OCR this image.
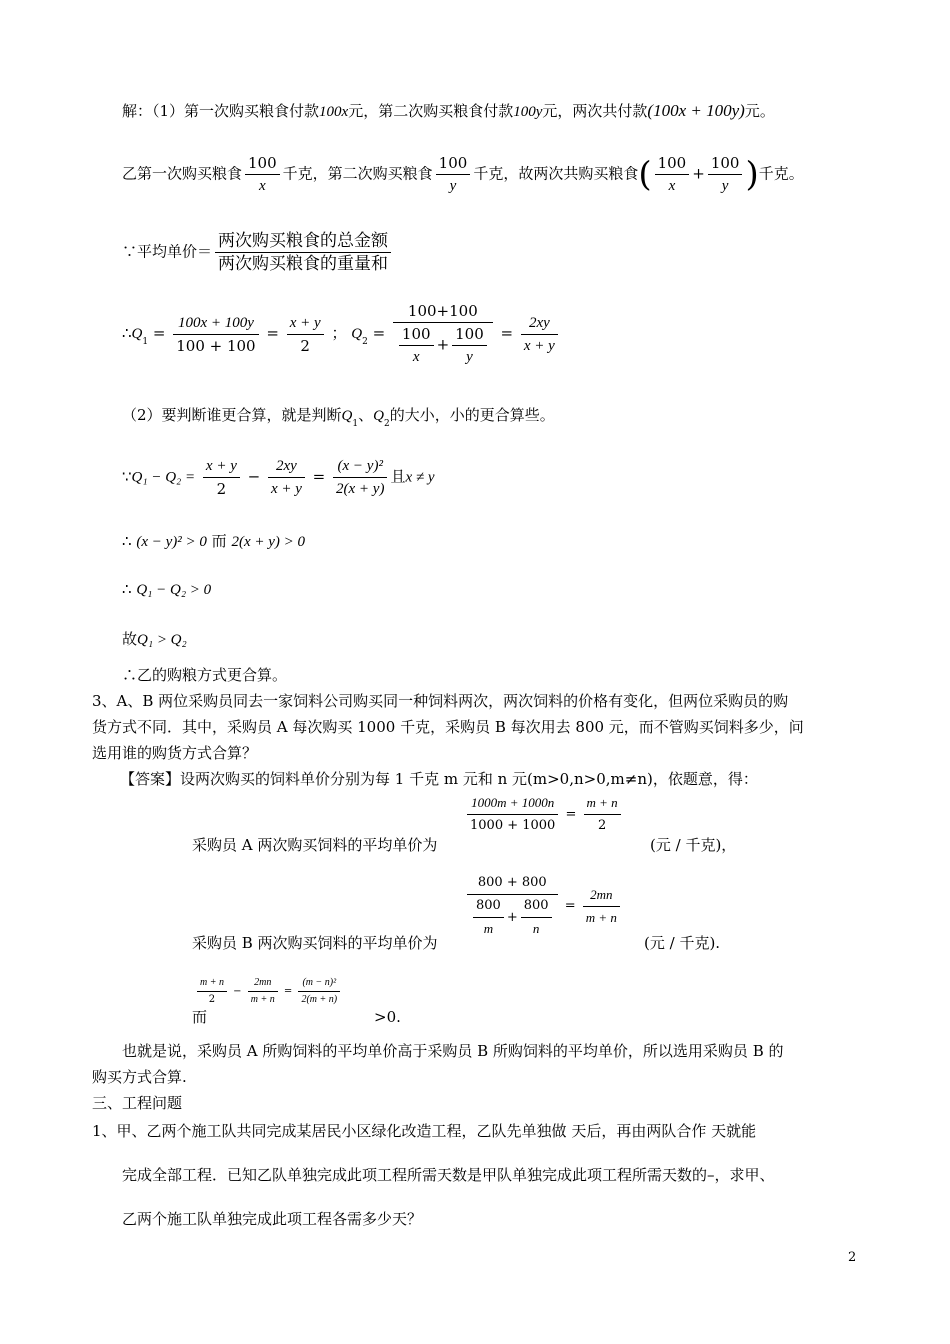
解：（1）第一次购买粮食付款100x元，第二次购买粮食付款100y元，两次共付款(100x + 100y)元。
乙第一次购买粮食 $\frac{100}{x}$ 千克，第二次购买粮食 $\frac{100}{y}$ 千克，故两次共购买粮食( $\frac{100}{x} + \frac{100}{y}$ )千克。
∵平均单价＝ $\frac{\text{两次购买粮食的总金额}}{\text{两次购买粮食的重量和}}$
$\therefore Q_1 = \frac{100x + 100y}{100 + 100} = \frac{x + y}{2}$ ； $Q_2 = \frac{100+100}{\frac{100}{x} + \frac{100}{y}} = \frac{2xy}{x + y}$
（2）要判断谁更合算，就是判断$Q_1$、$Q_2$的大小，小的更合算些。
∵Q₁ − $Q_2 = \frac{x + y}{2} - \frac{2xy}{x + y} = \frac{\text{(x − y)²}}{2(x + y)}$ 且x ≠ y
∴ (x − y)² > 0 而 2(x + y) > 0
∴ Q₁ − Q₂ > 0
故Q₁ > Q₂
∴乙的购粮方式更合算。
3、A、B 两位采购员同去一家饲料公司购买同一种饲料两次，两次饲料的价格有变化，但两位采购员的购
货方式不同．其中，采购员 A 每次购买 1000 千克，采购员 B 每次用去 800 元，而不管购买饲料多少，问
选用谁的购货方式合算？
【答案】设两次购买的饲料单价分别为每 1 千克 m 元和 n 元(m>0,n>0,m≠n)，依题意，得：
$\frac{1000m + 1000n}{1000 + 1000} = \frac{m + n}{2}$
采购员 A 两次购买饲料的平均单价为	(元 / 千克)，
$\frac{800 + 800}{\frac{800}{m} + \frac{800}{n}} = \frac{2mn}{m + n}$
采购员 B 两次购买饲料的平均单价为	(元 / 千克).
$\frac{m + n}{2} - \frac{2mn}{m + n} = \frac{\text{(m − n)²}}{2(m + n)}$
而	>0.
也就是说，采购员 A 所购饲料的平均单价高于采购员 B 所购饲料的平均单价，所以选用采购员 B 的
购买方式合算.
三、工程问题
1、甲、乙两个施工队共同完成某居民小区绿化改造工程，乙队先单独做 天后，再由两队合作 天就能
完成全部工程．已知乙队单独完成此项工程所需天数是甲队单独完成此项工程所需天数的–，求甲、
乙两个施工队单独完成此项工程各需多少天？
2
